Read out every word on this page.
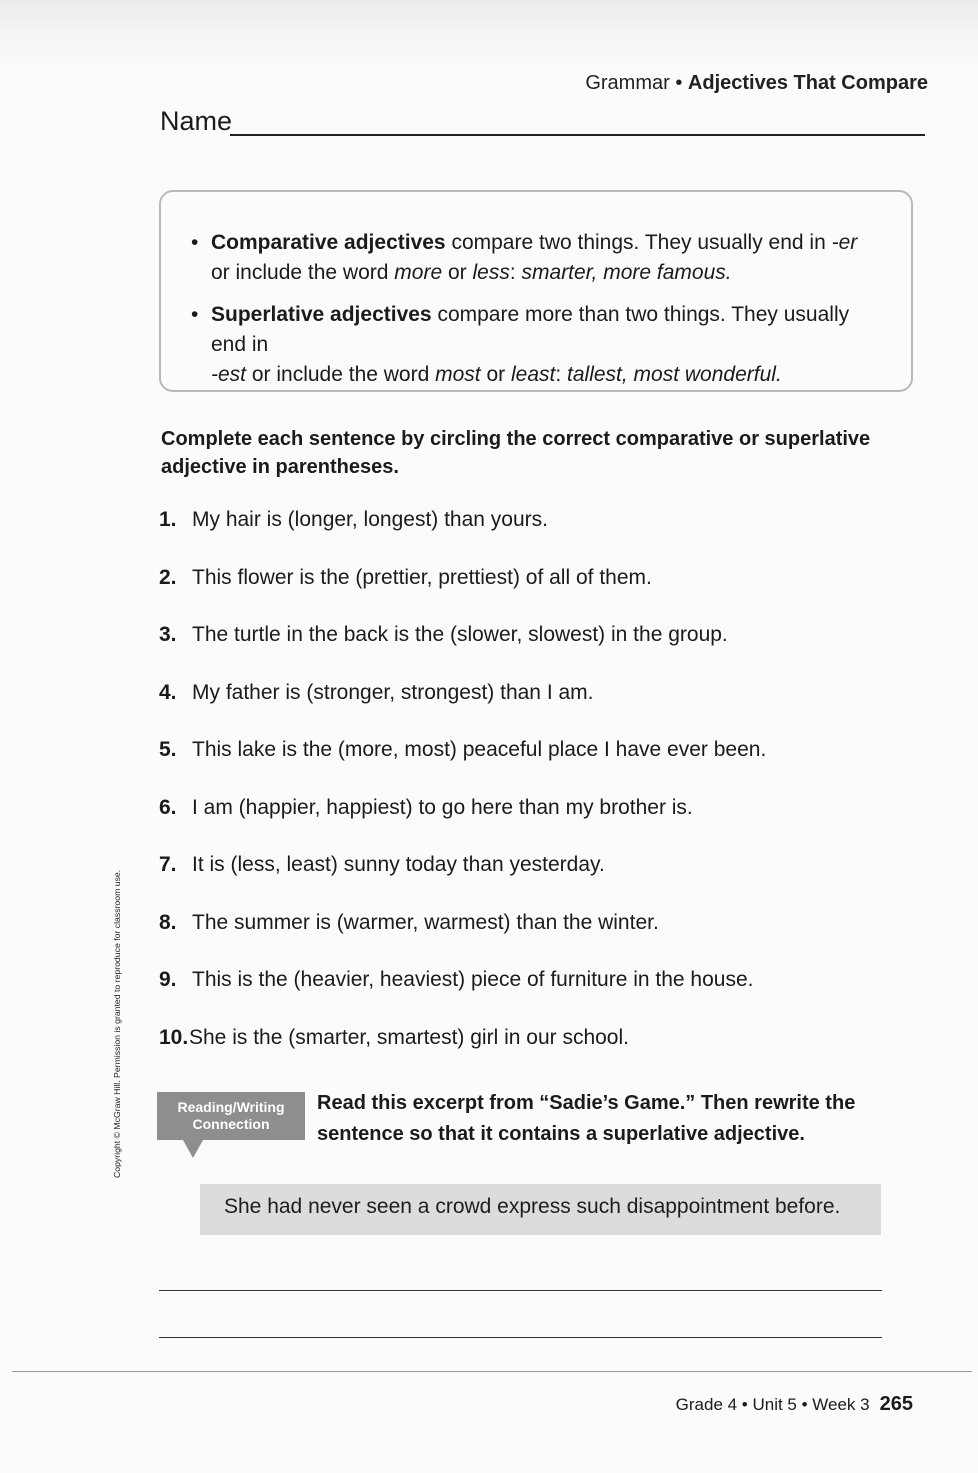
Grammar • Adjectives That Compare
Name
• Comparative adjectives compare two things. They usually end in -er
or include the word more or less: smarter, more famous.
• Superlative adjectives compare more than two things. They usually end in
-est or include the word most or least: tallest, most wonderful.
Complete each sentence by circling the correct comparative or superlative adjective in parentheses.
1. My hair is (longer, longest) than yours.
2. This flower is the (prettier, prettiest) of all of them.
3. The turtle in the back is the (slower, slowest) in the group.
4. My father is (stronger, strongest) than I am.
5. This lake is the (more, most) peaceful place I have ever been.
6. I am (happier, happiest) to go here than my brother is.
7. It is (less, least) sunny today than yesterday.
8. The summer is (warmer, warmest) than the winter.
9. This is the (heavier, heaviest) piece of furniture in the house.
10. She is the (smarter, smartest) girl in our school.
Reading/Writing
Connection
Read this excerpt from “Sadie’s Game.” Then rewrite the sentence so that it contains a superlative adjective.
She had never seen a crowd express such disappointment before.
Grade 4 • Unit 5 • Week 3 265
Copyright © McGraw Hill. Permission is granted to reproduce for classroom use.
